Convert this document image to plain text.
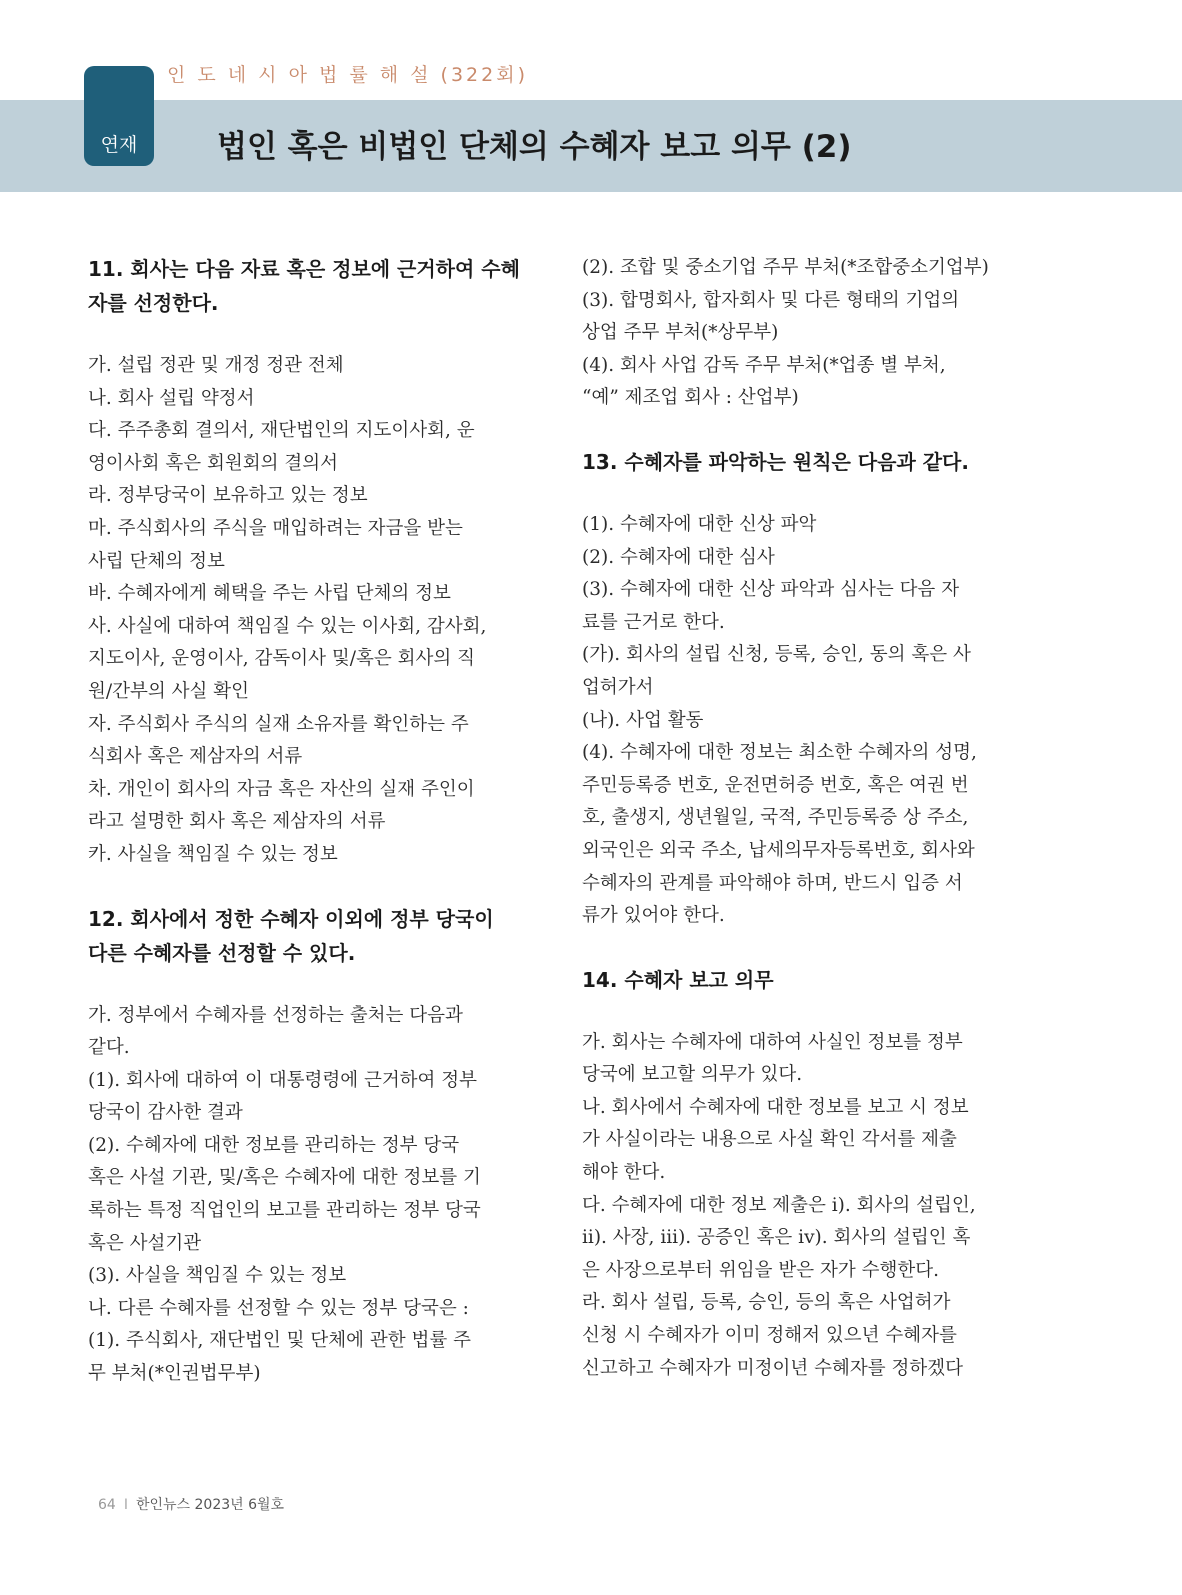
연재
인 도 네 시 아 법 률 해 설 (322회)
법인 혹은 비법인 단체의 수혜자 보고 의무 (2)

11. 회사는 다음 자료 혹은 정보에 근거하여 수혜

자를 선정한다.

가. 설립 정관 및 개정 정관 전체

나. 회사 설립 약정서

다. 주주총회 결의서, 재단법인의 지도이사회, 운

영이사회 혹은 회원회의 결의서

라. 정부당국이 보유하고 있는 정보

마. 주식회사의 주식을 매입하려는 자금을 받는

사립 단체의 정보

바. 수혜자에게 혜택을 주는 사립 단체의 정보

사. 사실에 대하여 책임질 수 있는 이사회, 감사회,

지도이사, 운영이사, 감독이사 및/혹은 회사의 직

원/간부의 사실 확인

자. 주식회사 주식의 실재 소유자를 확인하는 주

식회사 혹은 제삼자의 서류

차. 개인이 회사의 자금 혹은 자산의 실재 주인이

라고 설명한 회사 혹은 제삼자의 서류

카. 사실을 책임질 수 있는 정보

12. 회사에서 정한 수혜자 이외에 정부 당국이

다른 수혜자를 선정할 수 있다.

가. 정부에서 수혜자를 선정하는 출처는 다음과

같다.

(1). 회사에 대하여 이 대통령령에 근거하여 정부

당국이 감사한 결과

(2). 수혜자에 대한 정보를 관리하는 정부 당국

혹은 사설 기관, 및/혹은 수혜자에 대한 정보를 기

록하는 특정 직업인의 보고를 관리하는 정부 당국

혹은 사설기관

(3). 사실을 책임질 수 있는 정보

나. 다른 수혜자를 선정할 수 있는 정부 당국은 :

(1). 주식회사, 재단법인 및 단체에 관한 법률 주

무 부처(*인권법무부)

(2). 조합 및 중소기업 주무 부처(*조합중소기업부)

(3). 합명회사, 합자회사 및 다른 형태의 기업의

상업 주무 부처(*상무부)

(4). 회사 사업 감독 주무 부처(*업종 별 부처,

“예” 제조업 회사 : 산업부)

13. 수혜자를 파악하는 원칙은 다음과 같다.

(1). 수혜자에 대한 신상 파악

(2). 수혜자에 대한 심사

(3). 수혜자에 대한 신상 파악과 심사는 다음 자

료를 근거로 한다.

(가). 회사의 설립 신청, 등록, 승인, 동의 혹은 사

업허가서

(나). 사업 활동

(4). 수혜자에 대한 정보는 최소한 수혜자의 성명,

주민등록증 번호, 운전면허증 번호, 혹은 여권 번

호, 출생지, 생년월일, 국적, 주민등록증 상 주소,

외국인은 외국 주소, 납세의무자등록번호, 회사와

수혜자의 관계를 파악해야 하며, 반드시 입증 서

류가 있어야 한다.

14. 수혜자 보고 의무

가. 회사는 수혜자에 대하여 사실인 정보를 정부

당국에 보고할 의무가 있다.

나. 회사에서 수혜자에 대한 정보를 보고 시 정보

가 사실이라는 내용으로 사실 확인 각서를 제출

해야 한다.

다. 수혜자에 대한 정보 제출은 i). 회사의 설립인,

ii). 사장, iii). 공증인 혹은 iv). 회사의 설립인 혹

은 사장으로부터 위임을 받은 자가 수행한다.

라. 회사 설립, 등록, 승인, 등의 혹은 사업허가

신청 시 수혜자가 이미 정해저 있으년 수혜자를

신고하고 수혜자가 미정이년 수혜자를 정하겠다

64 I 한인뉴스 2023년 6월호
